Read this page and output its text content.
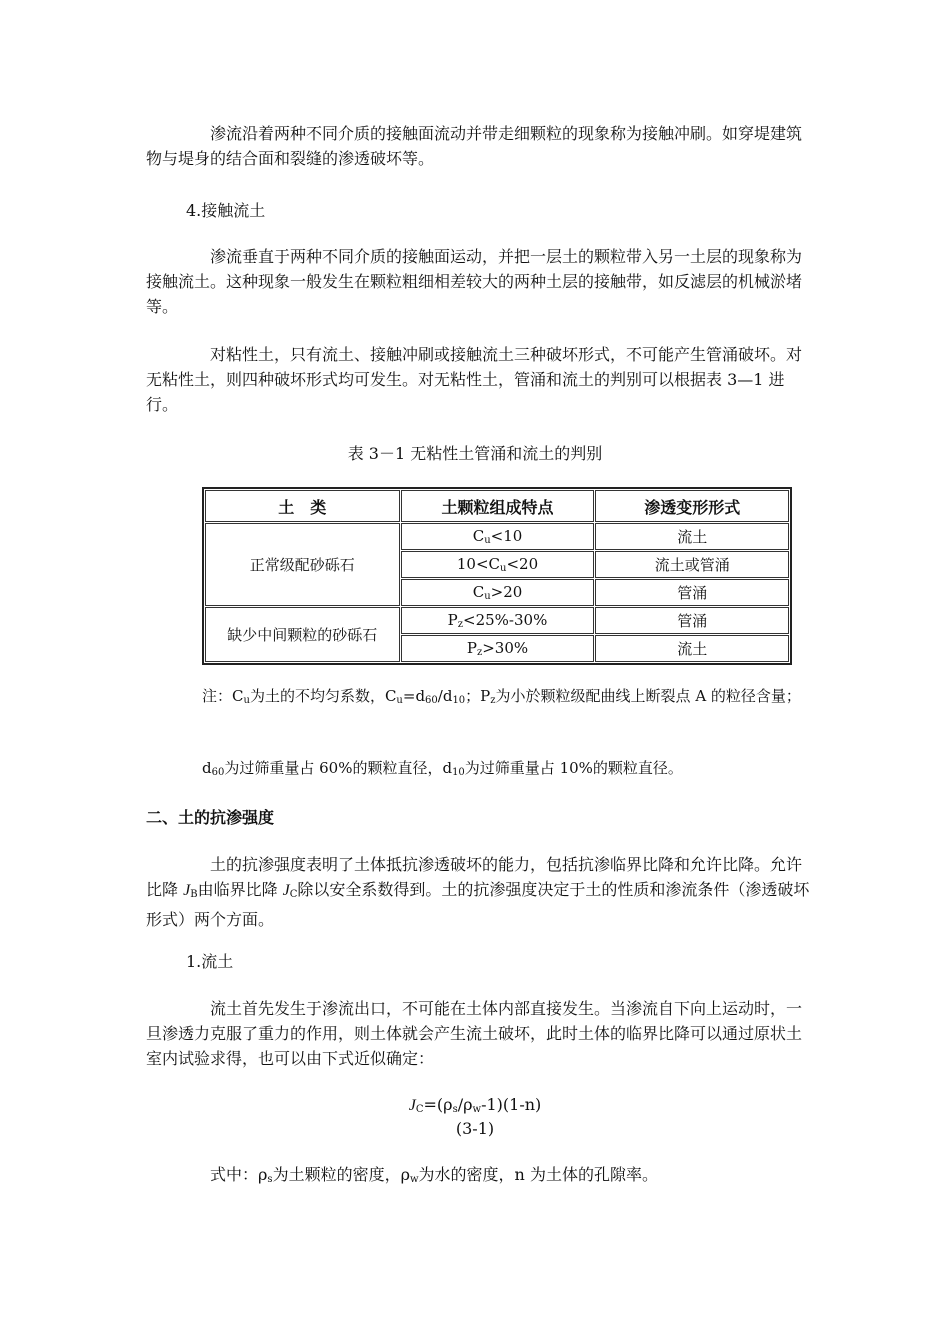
渗流沿着两种不同介质的接触面流动并带走细颗粒的现象称为接触冲刷。如穿堤建筑物与堤身的结合面和裂缝的渗透破坏等。

4.接触流土

渗流垂直于两种不同介质的接触面运动，并把一层土的颗粒带入另一土层的现象称为接触流土。这种现象一般发生在颗粒粗细相差较大的两种土层的接触带，如反滤层的机械淤堵等。

对粘性土，只有流土、接触冲刷或接触流土三种破坏形式，不可能产生管涌破坏。对无粘性土，则四种破坏形式均可发生。对无粘性土，管涌和流土的判别可以根据表 3—1 进行。

表 3－1 无粘性土管涌和流土的判别

土　类	土颗粒组成特点	渗透变形形式
正常级配砂砾石	$C_u<10$	流土
	$10<C_u<20$	流土或管涌
	$C_u>20$	管涌
缺少中间颗粒的砂砾石	$P_z<25\%-30\%$	管涌
	$P_z>30\%$	流土

注：$C_u$为土的不均匀系数，$C_u=d_{60}/d_{10}$；$P_z$为小於颗粒级配曲线上断裂点 A 的粒径含量；

$d_{60}$为过筛重量占 60%的颗粒直径，$d_{10}$为过筛重量占 10%的颗粒直径。

二、土的抗渗强度

土的抗渗强度表明了土体抵抗渗透破坏的能力，包括抗渗临界比降和允许比降。允许比降 $J_B$由临界比降 $J_C$除以安全系数得到。土的抗渗强度决定于土的性质和渗流条件（渗透破坏形式）两个方面。

1.流土

流土首先发生于渗流出口，不可能在土体内部直接发生。当渗流自下向上运动时，一旦渗透力克服了重力的作用，则土体就会产生流土破坏，此时土体的临界比降可以通过原状土室内试验求得，也可以由下式近似确定：

$J_C=(\rho_s/\rho_w-1)(1-n)$

(3-1)

式中：$\rho_s$为土颗粒的密度，$\rho_w$为水的密度，n 为土体的孔隙率。
